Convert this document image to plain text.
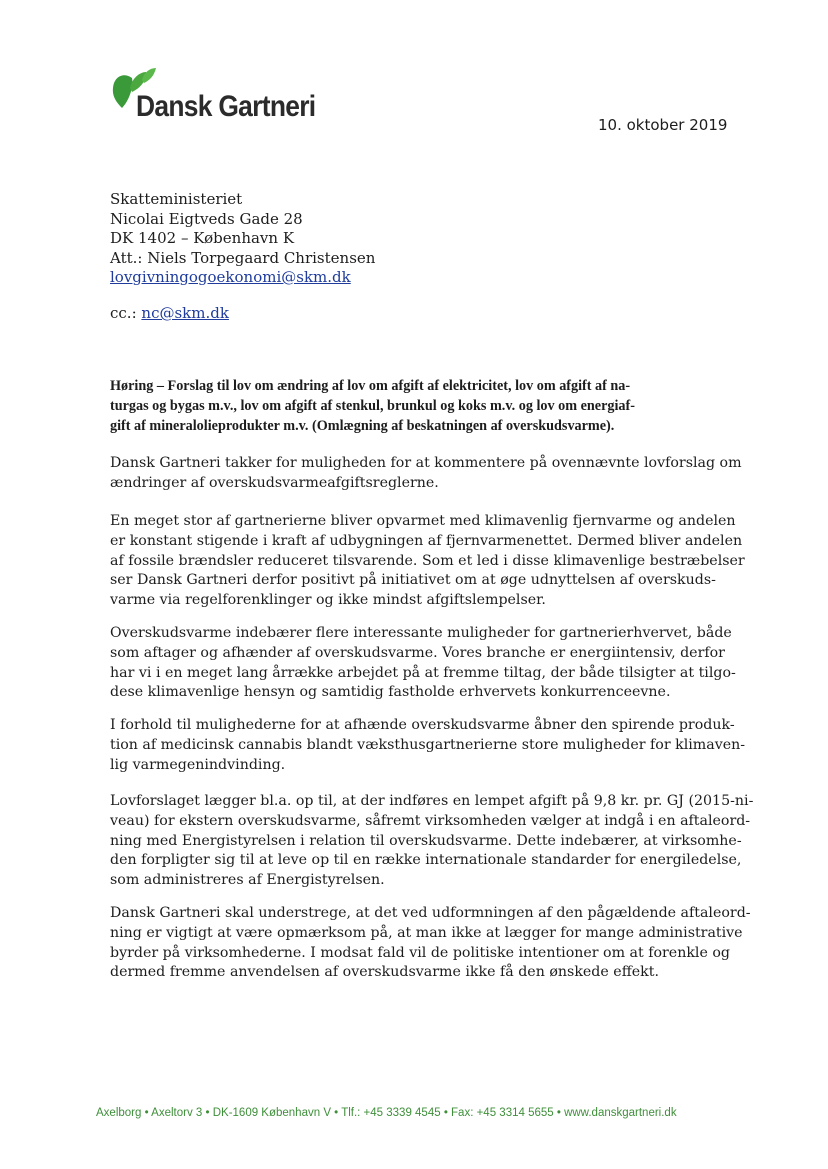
Dansk Gartneri
10. oktober 2019
Skatteministeriet
Nicolai Eigtveds Gade 28
DK 1402 – København K
Att.: Niels Torpegaard Christensen
lovgivningogoekonomi@skm.dk
cc.: nc@skm.dk
Høring – Forslag til lov om ændring af lov om afgift af elektricitet, lov om afgift af na-
turgas og bygas m.v., lov om afgift af stenkul, brunkul og koks m.v. og lov om energiaf-
gift af mineralolieprodukter m.v. (Omlægning af beskatningen af overskudsvarme).
Dansk Gartneri takker for muligheden for at kommentere på ovennævnte lovforslag om
ændringer af overskudsvarmeafgiftsreglerne.
En meget stor af gartnerierne bliver opvarmet med klimavenlig fjernvarme og andelen
er konstant stigende i kraft af udbygningen af fjernvarmenettet. Dermed bliver andelen
af fossile brændsler reduceret tilsvarende. Som et led i disse klimavenlige bestræbelser
ser Dansk Gartneri derfor positivt på initiativet om at øge udnyttelsen af overskuds-
varme via regelforenklinger og ikke mindst afgiftslempelser.
Overskudsvarme indebærer flere interessante muligheder for gartnerierhvervet, både
som aftager og afhænder af overskudsvarme. Vores branche er energiintensiv, derfor
har vi i en meget lang årrække arbejdet på at fremme tiltag, der både tilsigter at tilgo-
dese klimavenlige hensyn og samtidig fastholde erhvervets konkurrenceevne.
I forhold til mulighederne for at afhænde overskudsvarme åbner den spirende produk-
tion af medicinsk cannabis blandt væksthusgartnerierne store muligheder for klimaven-
lig varmegenindvinding.
Lovforslaget lægger bl.a. op til, at der indføres en lempet afgift på 9,8 kr. pr. GJ (2015-ni-
veau) for ekstern overskudsvarme, såfremt virksomheden vælger at indgå i en aftaleord-
ning med Energistyrelsen i relation til overskudsvarme. Dette indebærer, at virksomhe-
den forpligter sig til at leve op til en række internationale standarder for energiledelse,
som administreres af Energistyrelsen.
Dansk Gartneri skal understrege, at det ved udformningen af den pågældende aftaleord-
ning er vigtigt at være opmærksom på, at man ikke at lægger for mange administrative
byrder på virksomhederne. I modsat fald vil de politiske intentioner om at forenkle og
dermed fremme anvendelsen af overskudsvarme ikke få den ønskede effekt.
Axelborg • Axeltorv 3 • DK-1609 København V • Tlf.: +45 3339 4545 • Fax: +45 3314 5655 • www.danskgartneri.dk
